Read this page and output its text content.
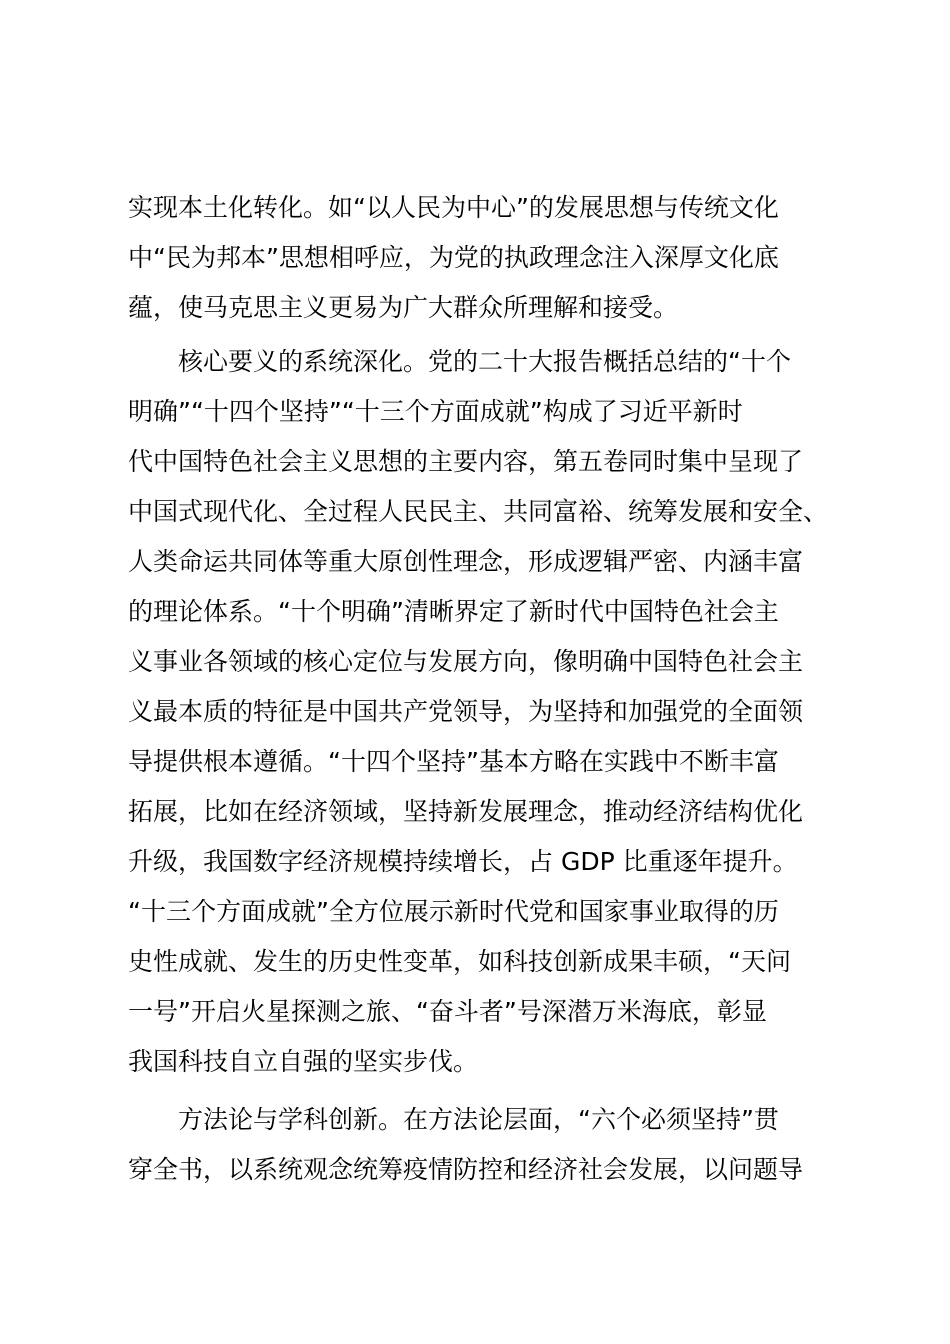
实现本土化转化。如“以人民为中心”的发展思想与传统文化
中“民为邦本”思想相呼应，为党的执政理念注入深厚文化底
蕴，使马克思主义更易为广大群众所理解和接受。
核心要义的系统深化。党的二十大报告概括总结的“十个
明确”“十四个坚持”“十三个方面成就”构成了习近平新时
代中国特色社会主义思想的主要内容，第五卷同时集中呈现了
中国式现代化、全过程人民民主、共同富裕、统筹发展和安全、
人类命运共同体等重大原创性理念，形成逻辑严密、内涵丰富
的理论体系。“十个明确”清晰界定了新时代中国特色社会主
义事业各领域的核心定位与发展方向，像明确中国特色社会主
义最本质的特征是中国共产党领导，为坚持和加强党的全面领
导提供根本遵循。“十四个坚持”基本方略在实践中不断丰富
拓展，比如在经济领域，坚持新发展理念，推动经济结构优化
升级，我国数字经济规模持续增长，占 GDP 比重逐年提升。
“十三个方面成就”全方位展示新时代党和国家事业取得的历
史性成就、发生的历史性变革，如科技创新成果丰硕，“天问
一号”开启火星探测之旅、“奋斗者”号深潜万米海底，彰显
我国科技自立自强的坚实步伐。
方法论与学科创新。在方法论层面，“六个必须坚持”贯
穿全书，以系统观念统筹疫情防控和经济社会发展，以问题导
